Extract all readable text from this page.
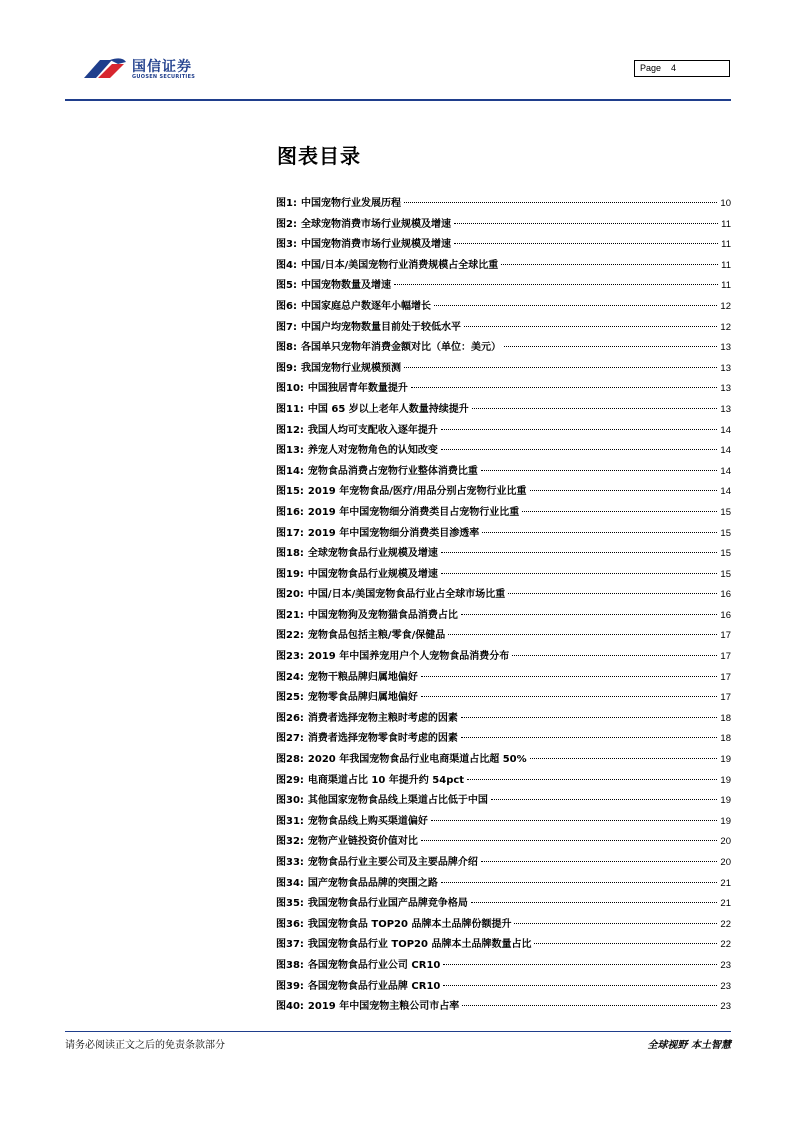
国信证券
GUOSEN SECURITIES
Page 4
图表目录
图1: 中国宠物行业发展历程	10
图2: 全球宠物消费市场行业规模及增速	11
图3: 中国宠物消费市场行业规模及增速	11
图4: 中国/日本/美国宠物行业消费规模占全球比重	11
图5: 中国宠物数量及增速	11
图6: 中国家庭总户数逐年小幅增长	12
图7: 中国户均宠物数量目前处于较低水平	12
图8: 各国单只宠物年消费金额对比（单位：美元）	13
图9: 我国宠物行业规模预测	13
图10: 中国独居青年数量提升	13
图11: 中国 65 岁以上老年人数量持续提升	13
图12: 我国人均可支配收入逐年提升	14
图13: 养宠人对宠物角色的认知改变	14
图14: 宠物食品消费占宠物行业整体消费比重	14
图15: 2019 年宠物食品/医疗/用品分别占宠物行业比重	14
图16: 2019 年中国宠物细分消费类目占宠物行业比重	15
图17: 2019 年中国宠物细分消费类目渗透率	15
图18: 全球宠物食品行业规模及增速	15
图19: 中国宠物食品行业规模及增速	15
图20: 中国/日本/美国宠物食品行业占全球市场比重	16
图21: 中国宠物狗及宠物猫食品消费占比	16
图22: 宠物食品包括主粮/零食/保健品	17
图23: 2019 年中国养宠用户个人宠物食品消费分布	17
图24: 宠物干粮品牌归属地偏好	17
图25: 宠物零食品牌归属地偏好	17
图26: 消费者选择宠物主粮时考虑的因素	18
图27: 消费者选择宠物零食时考虑的因素	18
图28: 2020 年我国宠物食品行业电商渠道占比超 50%	19
图29: 电商渠道占比 10 年提升约 54pct	19
图30: 其他国家宠物食品线上渠道占比低于中国	19
图31: 宠物食品线上购买渠道偏好	19
图32: 宠物产业链投资价值对比	20
图33: 宠物食品行业主要公司及主要品牌介绍	20
图34: 国产宠物食品品牌的突围之路	21
图35: 我国宠物食品行业国产品牌竞争格局	21
图36: 我国宠物食品 TOP20 品牌本土品牌份额提升	22
图37: 我国宠物食品行业 TOP20 品牌本土品牌数量占比	22
图38: 各国宠物食品行业公司 CR10	23
图39: 各国宠物食品行业品牌 CR10	23
图40: 2019 年中国宠物主粮公司市占率	23
请务必阅读正文之后的免责条款部分	全球视野 本土智慧
